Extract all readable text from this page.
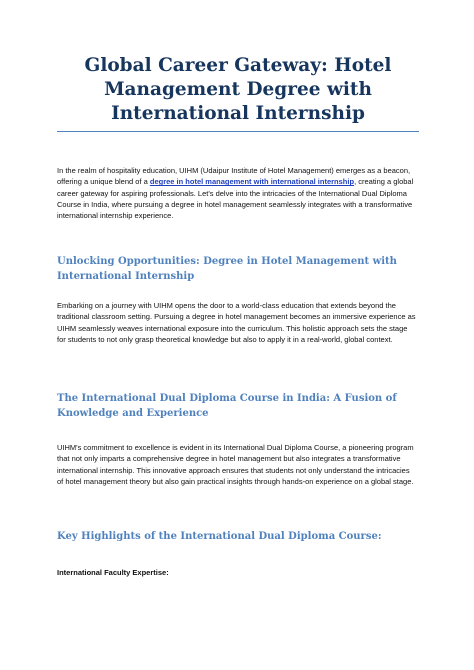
Global Career Gateway: Hotel Management Degree with International Internship

In the realm of hospitality education, UIHM (Udaipur Institute of Hotel Management) emerges as a beacon, offering a unique blend of a degree in hotel management with international internship, creating a global career gateway for aspiring professionals. Let's delve into the intricacies of the International Dual Diploma Course in India, where pursuing a degree in hotel management seamlessly integrates with a transformative international internship experience.

Unlocking Opportunities: Degree in Hotel Management with International Internship

Embarking on a journey with UIHM opens the door to a world-class education that extends beyond the traditional classroom setting. Pursuing a degree in hotel management becomes an immersive experience as UIHM seamlessly weaves international exposure into the curriculum. This holistic approach sets the stage for students to not only grasp theoretical knowledge but also to apply it in a real-world, global context.

The International Dual Diploma Course in India: A Fusion of Knowledge and Experience

UIHM's commitment to excellence is evident in its International Dual Diploma Course, a pioneering program that not only imparts a comprehensive degree in hotel management but also integrates a transformative international internship. This innovative approach ensures that students not only understand the intricacies of hotel management theory but also gain practical insights through hands-on experience on a global stage.

Key Highlights of the International Dual Diploma Course:

International Faculty Expertise:
